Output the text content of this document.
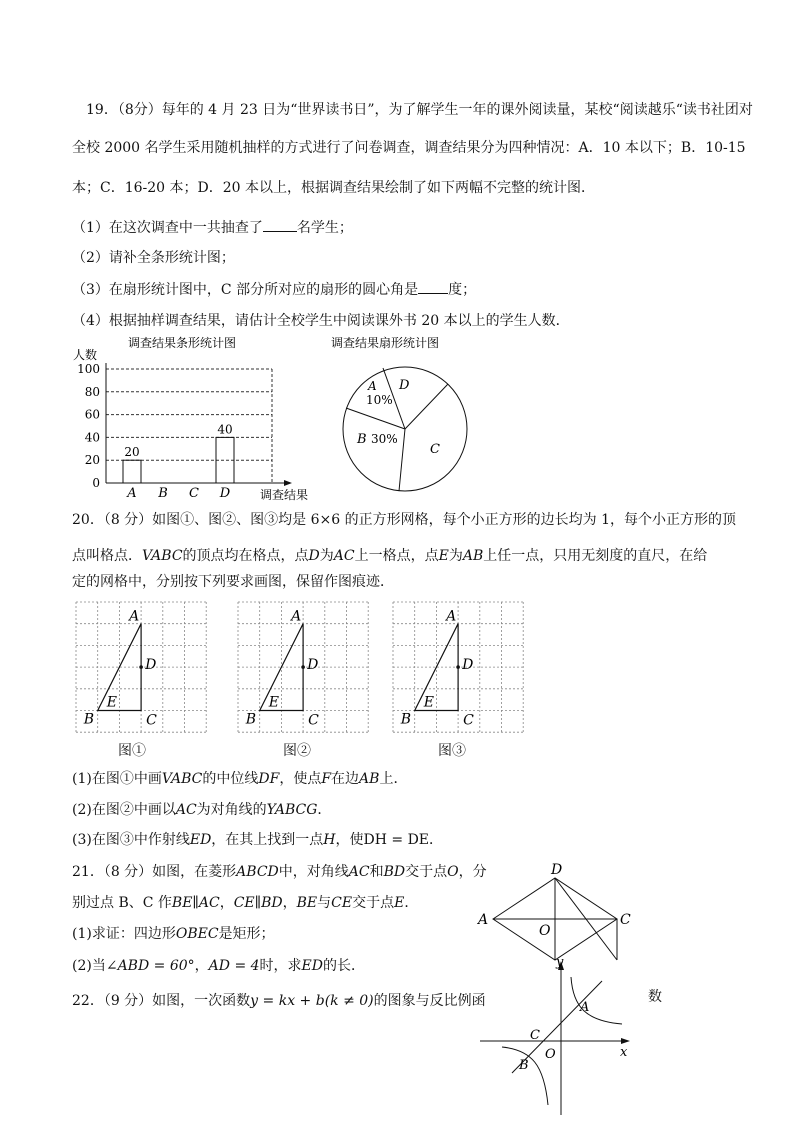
19．（8分）每年的 4 月 23 日为“世界读书日”，为了解学生一年的课外阅读量，某校“阅读越乐“读书社团对
全校 2000 名学生采用随机抽样的方式进行了问卷调查，调查结果分为四种情况：A．10 本以下；B．10-15
本；C．16-20 本；D．20 本以上，根据调查结果绘制了如下两幅不完整的统计图．
（1）在这次调查中一共抽查了 名学生；
（2）请补全条形统计图；
（3）在扇形统计图中，C 部分所对应的扇形的圆心角是 度；
（4）根据抽样调查结果，请估计全校学生中阅读课外书 20 本以上的学生人数．
调查结果条形统计图
人数
20
40
0
20
40
60
80
100
A B C D 调查结果
调查结果扇形统计图
A
10%
D
C
B 30%
20．（8 分）如图①、图②、图③均是 6×6 的正方形网格，每个小正方形的边长均为 1，每个小正方形的顶
点叫格点．VABC的顶点均在格点，点D为AC上一格点，点E为AB上任一点，只用无刻度的直尺，在给
定的网格中，分别按下列要求画图，保留作图痕迹．
A
D
E
B	C
A
D
E
B	C
A
D
E
B	C
图①	图②	图③
(1)在图①中画VABC的中位线DF，使点F在边AB上．
(2)在图②中画以AC为对角线的YABCG．
(3)在图③中作射线ED，在其上找到一点H，使DH = DE．
21．（8 分）如图，在菱形ABCD中，对角线AC和BD交于点O，分
别过点 B、C 作BE∥AC，CE∥BD，BE与CE交于点E．
(1)求证：四边形OBEC是矩形；
(2)当∠ABD = 60°，AD = 4时，求ED的长．
A
D
C
O
22．（9 分）如图，一次函数y = kx + b(k ≠ 0)的图象与反比例函	数
y
x
A
B
C
O
